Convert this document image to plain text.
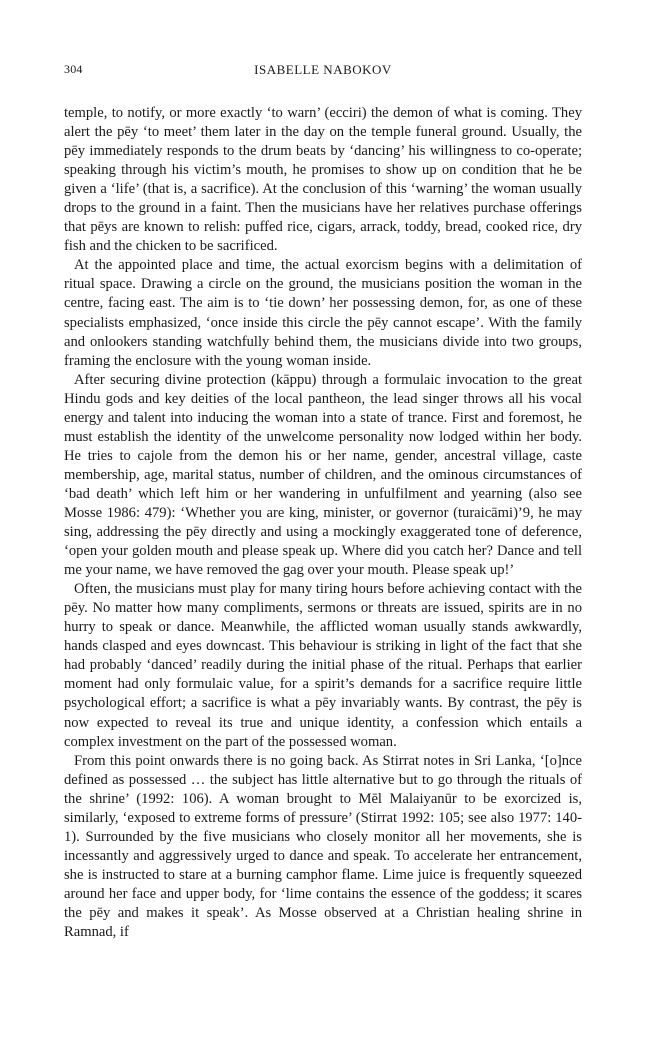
304	ISABELLE NABOKOV

temple, to notify, or more exactly ‘to warn’ (ecciri) the demon of what is coming. They alert the pēy ‘to meet’ them later in the day on the temple funeral ground. Usually, the pēy immediately responds to the drum beats by ‘dancing’ his willingness to co-operate; speaking through his victim’s mouth, he promises to show up on condition that he be given a ‘life’ (that is, a sacrifice). At the conclusion of this ‘warning’ the woman usually drops to the ground in a faint. Then the musicians have her relatives purchase offerings that pēys are known to relish: puffed rice, cigars, arrack, toddy, bread, cooked rice, dry fish and the chicken to be sacrificed.

At the appointed place and time, the actual exorcism begins with a delimitation of ritual space. Drawing a circle on the ground, the musicians position the woman in the centre, facing east. The aim is to ‘tie down’ her possessing demon, for, as one of these specialists emphasized, ‘once inside this circle the pēy cannot escape’. With the family and onlookers standing watchfully behind them, the musicians divide into two groups, framing the enclosure with the young woman inside.

After securing divine protection (kāppu) through a formulaic invocation to the great Hindu gods and key deities of the local pantheon, the lead singer throws all his vocal energy and talent into inducing the woman into a state of trance. First and foremost, he must establish the identity of the unwelcome personality now lodged within her body. He tries to cajole from the demon his or her name, gender, ancestral village, caste membership, age, marital status, number of children, and the ominous circumstances of ‘bad death’ which left him or her wandering in unfulfilment and yearning (also see Mosse 1986: 479): ‘Whether you are king, minister, or governor (turaicāmi)’9, he may sing, addressing the pēy directly and using a mockingly exaggerated tone of deference, ‘open your golden mouth and please speak up. Where did you catch her? Dance and tell me your name, we have removed the gag over your mouth. Please speak up!’

Often, the musicians must play for many tiring hours before achieving contact with the pēy. No matter how many compliments, sermons or threats are issued, spirits are in no hurry to speak or dance. Meanwhile, the afflicted woman usually stands awkwardly, hands clasped and eyes downcast. This behaviour is striking in light of the fact that she had probably ‘danced’ readily during the initial phase of the ritual. Perhaps that earlier moment had only formulaic value, for a spirit’s demands for a sacrifice require little psychological effort; a sacrifice is what a pēy invariably wants. By contrast, the pēy is now expected to reveal its true and unique identity, a confession which entails a complex investment on the part of the possessed woman.

From this point onwards there is no going back. As Stirrat notes in Sri Lanka, ‘[o]nce defined as possessed … the subject has little alternative but to go through the rituals of the shrine’ (1992: 106). A woman brought to Mēl Malaiyanūr to be exorcized is, similarly, ‘exposed to extreme forms of pressure’ (Stirrat 1992: 105; see also 1977: 140-1). Surrounded by the five musicians who closely monitor all her movements, she is incessantly and aggressively urged to dance and speak. To accelerate her entrancement, she is instructed to stare at a burning camphor flame. Lime juice is frequently squeezed around her face and upper body, for ‘lime contains the essence of the goddess; it scares the pēy and makes it speak’. As Mosse observed at a Christian healing shrine in Ramnad, if
